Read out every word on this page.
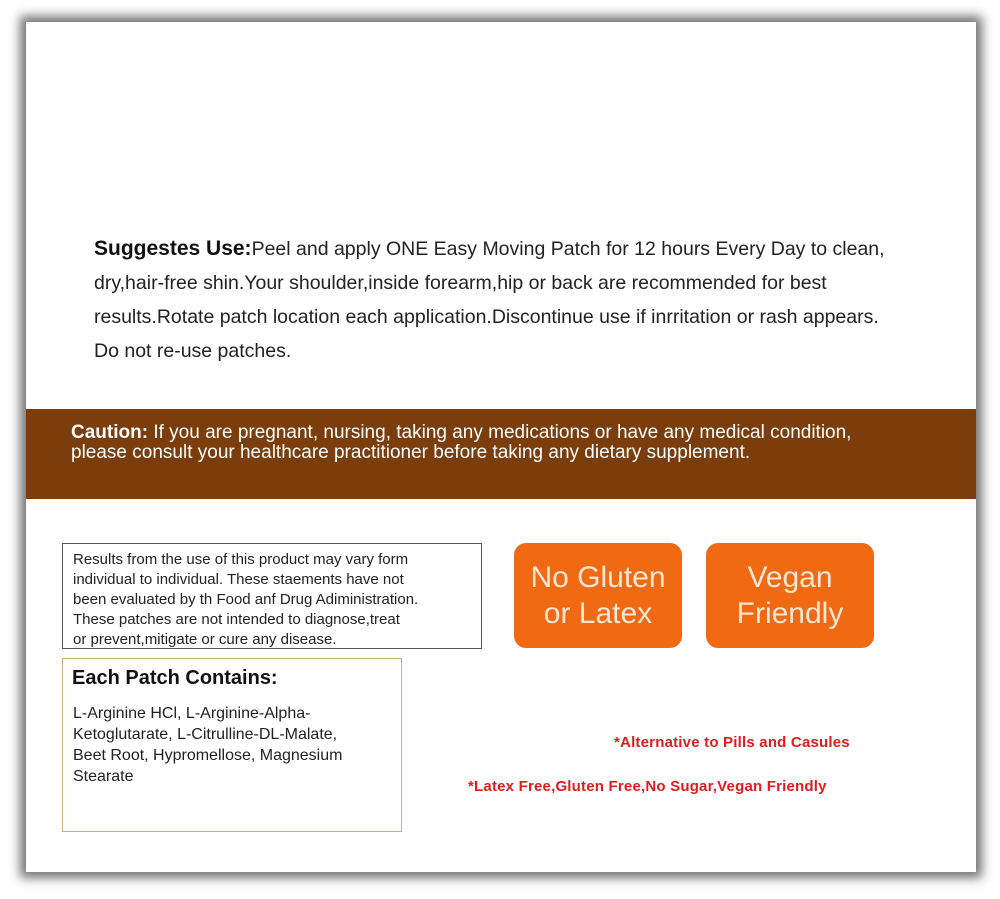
Suggestes Use:Peel and apply ONE Easy Moving Patch for 12 hours Every Day to clean,
dry,hair-free shin.Your shoulder,inside forearm,hip or back are recommended for best
results.Rotate patch location each application.Discontinue use if inrritation or rash appears.
Do not re-use patches.
Caution: If you are pregnant, nursing, taking any medications or have any medical condition,
please consult your healthcare practitioner before taking any dietary supplement.
Results from the use of this product may vary form
individual to individual. These staements have not
been evaluated by th Food anf Drug Adiministration.
These patches are not intended to diagnose,treat
or prevent,mitigate or cure any disease.
Each Patch Contains:
L-Arginine HCl, L-Arginine-Alpha-
Ketoglutarate, L-Citrulline-DL-Malate,
Beet Root, Hypromellose, Magnesium
Stearate
No Gluten
or Latex
Vegan
Friendly
*Alternative to Pills and Casules
*Latex Free,Gluten Free,No Sugar,Vegan Friendly
